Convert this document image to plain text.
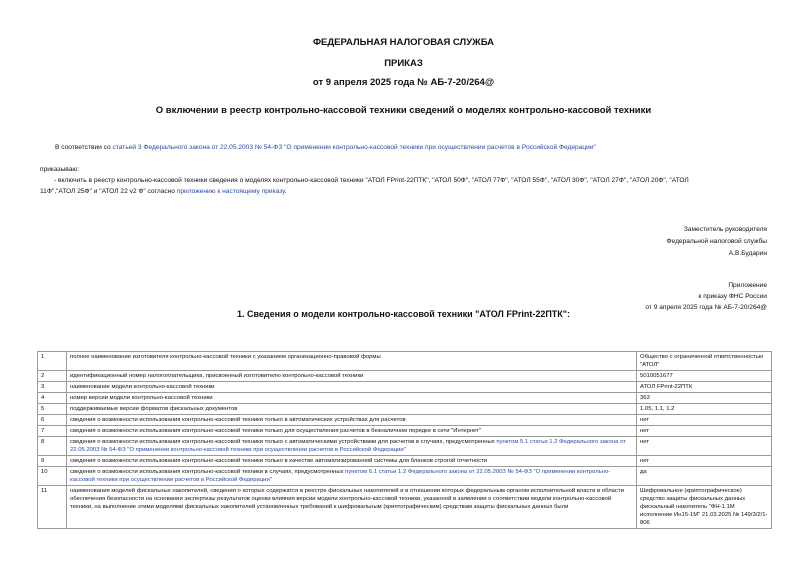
ФЕДЕРАЛЬНАЯ НАЛОГОВАЯ СЛУЖБА
ПРИКАЗ
от 9 апреля 2025 года № АБ-7-20/264@
О включении в реестр контрольно-кассовой техники сведений о моделях контрольно-кассовой техники
В соответствии со статьей 3 Федерального закона от 22.05.2003 № 54-ФЗ "О применении контрольно-кассовой техники при осуществлении расчетов в Российской Федерации"
приказываю:
- включить в реестр контрольно-кассовой техники сведения о моделях контрольно-кассовой техники "АТОЛ FPrint-22ПТК", "АТОЛ 50Ф", "АТОЛ 77Ф", "АТОЛ 55Ф", "АТОЛ 30Ф", "АТОЛ 27Ф", "АТОЛ 20Ф", "АТОЛ
11Ф","АТОЛ 25Ф" и "АТОЛ 22 v2 Ф" согласно приложению к настоящему приказу.
Заместитель руководителя
Федеральной налоговой службы
А.В.Бударин
Приложение
к приказу ФНС России
от 9 апреля 2025 года № АБ-7-20/264@
1. Сведения о модели контрольно-кассовой техники "АТОЛ FPrint-22ПТК":
1	полное наименование изготовителя контрольно-кассовой техники с указанием организационно-правовой формы	Общество с ограниченной ответственностью "АТОЛ"
2	идентификационный номер налогоплательщика, присвоенный изготовителю контрольно-кассовой техники	5010051677
3	наименование модели контрольно-кассовой техники	АТОЛ FPrint-22ПТК
4	номер версии модели контрольно-кассовой техники	363
5	поддерживаемые версии форматов фискальных документов	1.05, 1.1, 1.2
6	сведения о возможности использования контрольно-кассовой техники только в автоматических устройствах для расчетов	нет
7	сведения о возможности использования контрольно-кассовой техники только для осуществления расчетов в безналичном порядке в сети "Интернет"	нет
8	сведения о возможности использования контрольно-кассовой техники только с автоматическими устройствами для расчетов в случаях, предусмотренных пунктом 5.1 статьи 1.2 Федерального закона от 22.05.2003 № 54-ФЗ "О применении контрольно-кассовой техники при осуществлении расчетов в Российской Федерации"	нет
9	сведения о возможности использования контрольно-кассовой техники только в качестве автоматизированной системы для бланков строгой отчетности	нет
10	сведения о возможности использования контрольно-кассовой техники в случаях, предусмотренных пунктом 6.1 статьи 1.2 Федерального закона от 22.05.2003 № 54-ФЗ "О применении контрольно-кассовой техники при осуществлении расчетов в Российской Федерации"	да
11	наименования моделей фискальных накопителей, сведения о которых содержатся в реестре фискальных накопителей и в отношении которых федеральным органом исполнительной власти в области обеспечения безопасности на основании экспертизы результатов оценки влияния версии модели контрольно-кассовой техники, указанной в заявлении о соответствии модели контрольно-кассовой техники, на выполнение этими моделями фискальных накопителей установленных требований к шифровальным (криптографическим) средствам защиты фискальных данных были	Шифровальное (криптографическое) средство защиты фискальных данных фискальный накопитель "ФН-1.1М исполнение Ин15-1М" 21.03.2025 № 149/3/2/1-806
